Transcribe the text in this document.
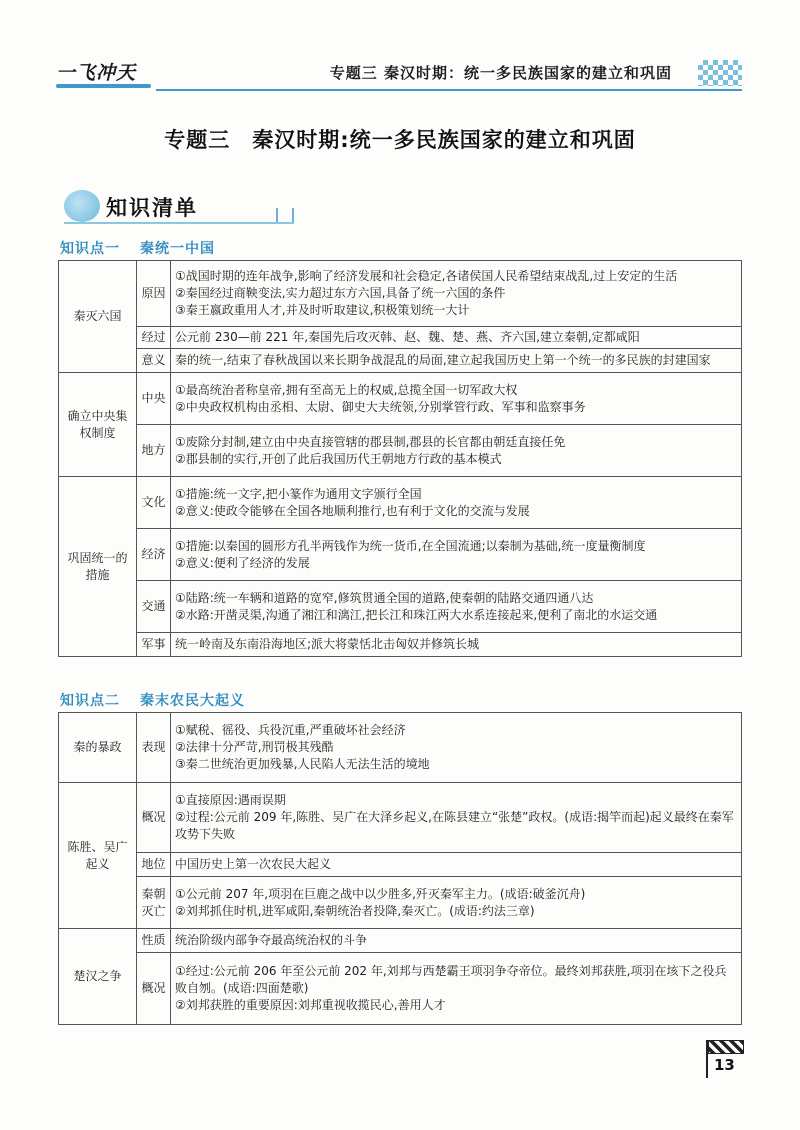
一飞冲天	专题三 秦汉时期：统一多民族国家的建立和巩固
专题三　秦汉时期:统一多民族国家的建立和巩固
知识清单
知识点一 秦统一中国
秦灭六国	原因	①战国时期的连年战争,影响了经济发展和社会稳定,各诸侯国人民希望结束战乱,过上安定的生活
②秦国经过商鞅变法,实力超过东方六国,具备了统一六国的条件
③秦王嬴政重用人才,并及时听取建议,积极策划统一大计

	经过	公元前 230—前 221 年,秦国先后攻灭韩、赵、魏、楚、燕、齐六国,建立秦朝,定都咸阳

	意义	秦的统一,结束了春秋战国以来长期争战混乱的局面,建立起我国历史上第一个统一的多民族的封建国家

确立中央集权制度	中央	①最高统治者称皇帝,拥有至高无上的权威,总揽全国一切军政大权
②中央政权机构由丞相、太尉、御史大夫统领,分别掌管行政、军事和监察事务

	地方	①废除分封制,建立由中央直接管辖的郡县制,郡县的长官都由朝廷直接任免
②郡县制的实行,开创了此后我国历代王朝地方行政的基本模式

巩固统一的措施	文化	①措施:统一文字,把小篆作为通用文字颁行全国
②意义:使政令能够在全国各地顺利推行,也有利于文化的交流与发展

	经济	①措施:以秦国的圆形方孔半两钱作为统一货币,在全国流通;以秦制为基础,统一度量衡制度
②意义:便利了经济的发展

	交通	①陆路:统一车辆和道路的宽窄,修筑贯通全国的道路,使秦朝的陆路交通四通八达
②水路:开凿灵渠,沟通了湘江和漓江,把长江和珠江两大水系连接起来,便利了南北的水运交通

	军事	统一岭南及东南沿海地区;派大将蒙恬北击匈奴并修筑长城
知识点二 秦末农民大起义
秦的暴政	表现	①赋税、徭役、兵役沉重,严重破坏社会经济
②法律十分严苛,刑罚极其残酷
③秦二世统治更加残暴,人民陷人无法生活的境地

陈胜、吴广起义	概况	①直接原因:遇雨误期
②过程:公元前 209 年,陈胜、吴广在大泽乡起义,在陈县建立“张楚”政权。(成语:揭竿而起)起义最终在秦军攻势下失败

	地位	中国历史上第一次农民大起义

	秦朝灭亡	①公元前 207 年,项羽在巨鹿之战中以少胜多,歼灭秦军主力。(成语:破釜沉舟)
②刘邦抓住时机,进军咸阳,秦朝统治者投降,秦灭亡。(成语:约法三章)

楚汉之争	性质	统治阶级内部争夺最高统治权的斗争

	概况	①经过:公元前 206 年至公元前 202 年,刘邦与西楚霸王项羽争夺帝位。最终刘邦获胜,项羽在垓下之役兵败自刎。(成语:四面楚歌)
②刘邦获胜的重要原因:刘邦重视收揽民心,善用人才
13
